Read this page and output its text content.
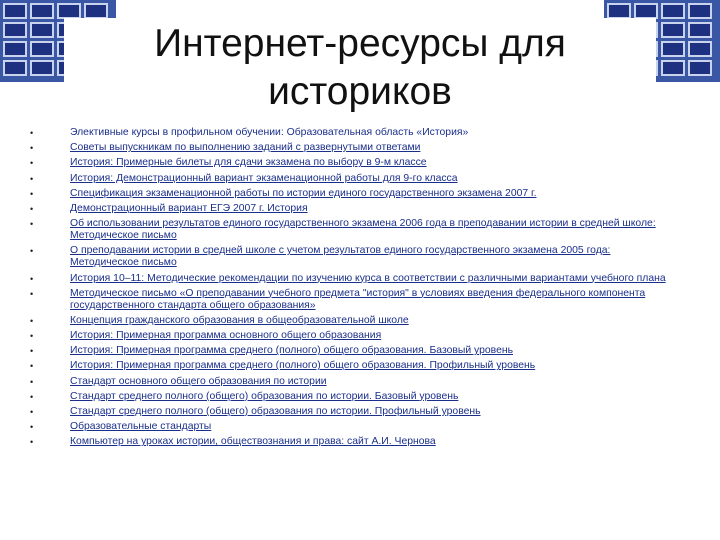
Интернет-ресурсы для историков
•	Элективные курсы в профильном обучении: Образовательная область «История»
•	Советы выпускникам по выполнению заданий с развернутыми ответами
•	История: Примерные билеты для сдачи экзамена по выбору в 9-м классе
•	История: Демонстрационный вариант экзаменационной работы для 9-го класса
•	Спецификация экзаменационной работы по истории единого государственного экзамена 2007 г.
•	Демонстрационный вариант ЕГЭ 2007 г. История
•	Об использовании результатов единого государственного экзамена 2006 года в преподавании истории в средней школе: Методическое письмо
•	О преподавании истории в средней школе с учетом результатов единого государственного экзамена 2005 года: Методическое письмо
•	История 10–11: Методические рекомендации по изучению курса в соответствии с различными вариантами учебного плана
•	Методическое письмо «О преподавании учебного предмета "история" в условиях введения федерального компонента государственного стандарта общего образования»
•	Концепция гражданского образования в общеобразовательной школе
•	История: Примерная программа основного общего образования
•	История: Примерная программа среднего (полного) общего образования. Базовый уровень
•	История: Примерная программа среднего (полного) общего образования. Профильный уровень
•	Стандарт основного общего образования по истории
•	Стандарт среднего полного (общего) образования по истории. Базовый уровень
•	Стандарт среднего полного (общего) образования по истории. Профильный уровень
•	Образовательные стандарты
•	Компьютер на уроках истории, обществознания и права: сайт А.И. Чернова
